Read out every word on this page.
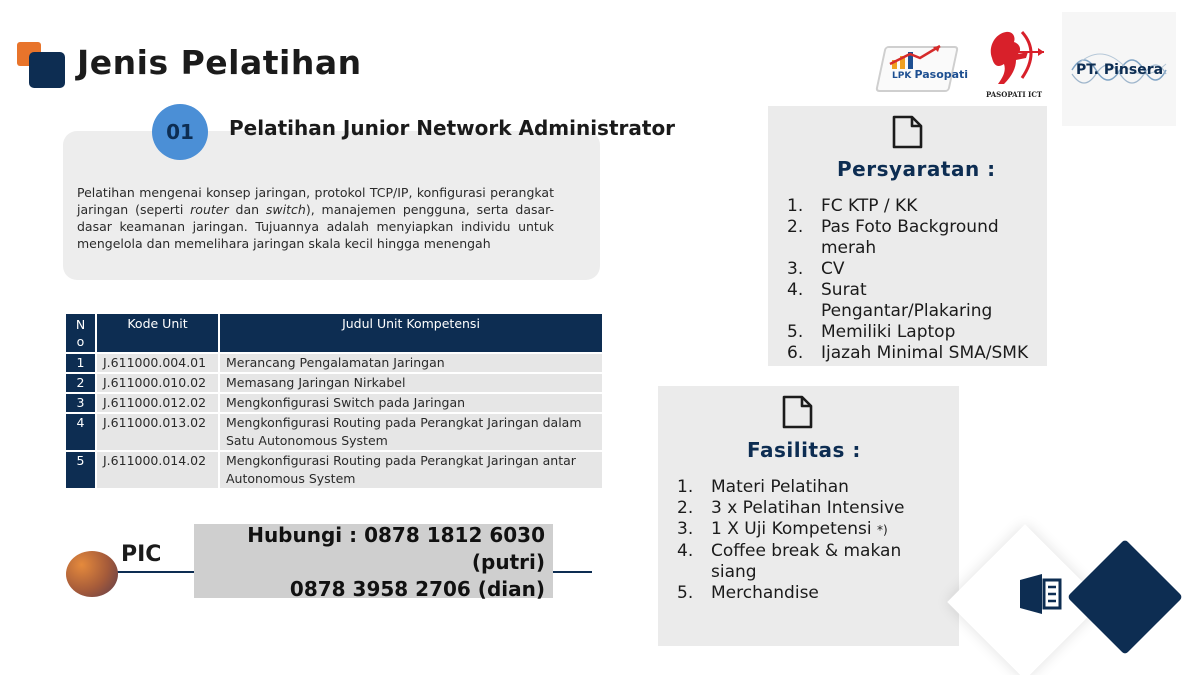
Jenis Pelatihan	LPK Pasopati
PASOPATI ICT
PT. Pinsera
01	Pelatihan Junior Network Administrator

Pelatihan mengenai konsep jaringan, protokol TCP/IP, konfigurasi perangkat jaringan (seperti router dan switch), manajemen pengguna, serta dasar-dasar keamanan jaringan. Tujuannya adalah menyiapkan individu untuk mengelola dan memelihara jaringan skala kecil hingga menengah

N
o	Kode Unit	Judul Unit Kompetensi
1	J.611000.004.01	Merancang Pengalamatan Jaringan
2	J.611000.010.02	Memasang Jaringan Nirkabel
3	J.611000.012.02	Mengkonfigurasi Switch pada Jaringan
4	J.611000.013.02	Mengkonfigurasi Routing pada Perangkat Jaringan dalam Satu Autonomous System
5	J.611000.014.02	Mengkonfigurasi Routing pada Perangkat Jaringan antar Autonomous System
PIC
Hubungi : 0878 1812 6030
(putri)
0878 3958 2706 (dian)
Persyaratan :
1.	FC KTP / KK
2.	Pas Foto Background merah
3.	CV
4.	Surat Pengantar/Plakaring
5.	Memiliki Laptop
6.	Ijazah Minimal SMA/SMK
Fasilitas :
1.	Materi Pelatihan
2.	3 x Pelatihan Intensive
3.	1 X Uji Kompetensi *)
4.	Coffee break & makan siang
5.	Merchandise
